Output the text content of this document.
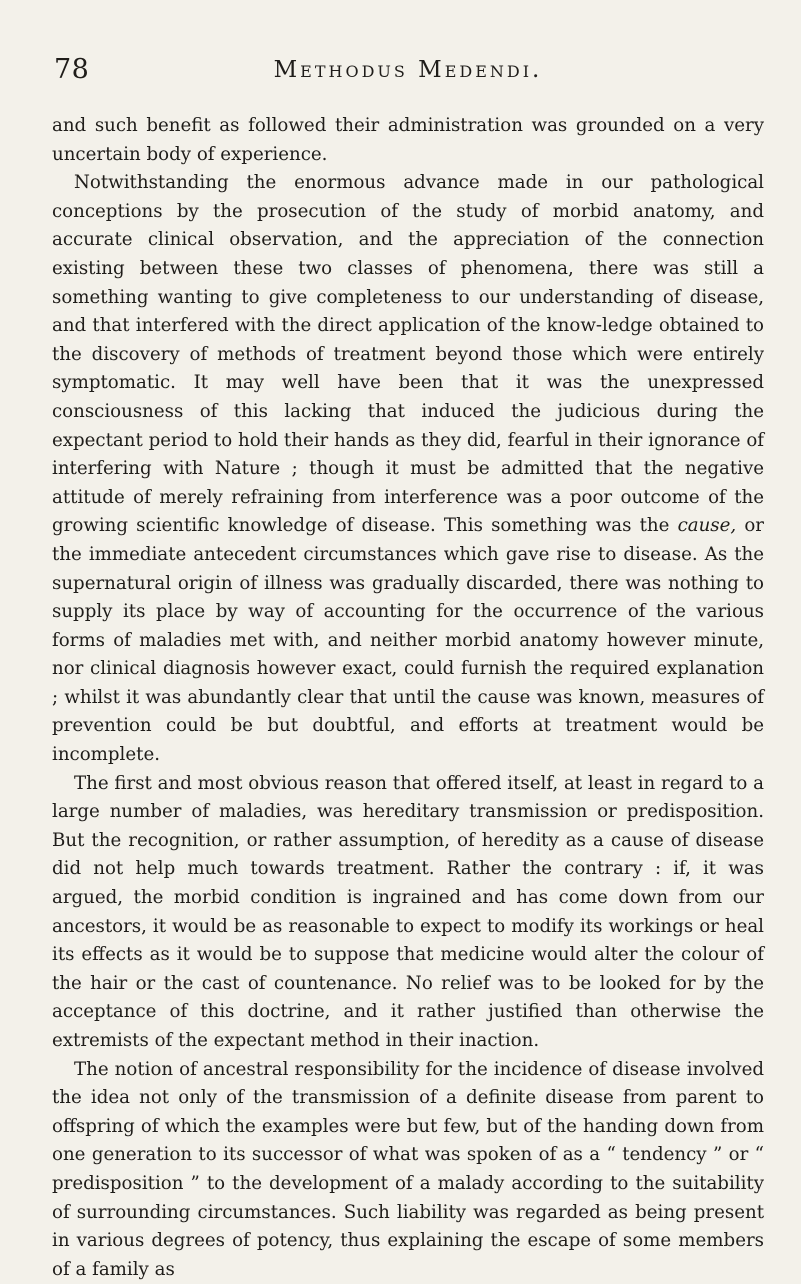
78	Methodus Medendi.

and such benefit as followed their administration was grounded on a very uncertain body of experience.

Notwithstanding the enormous advance made in our pathological conceptions by the prosecution of the study of morbid anatomy, and accurate clinical observation, and the appreciation of the connection existing between these two classes of phenomena, there was still a something wanting to give completeness to our understanding of disease, and that interfered with the direct application of the know-ledge obtained to the discovery of methods of treatment beyond those which were entirely symptomatic. It may well have been that it was the unexpressed consciousness of this lacking that induced the judicious during the expectant period to hold their hands as they did, fearful in their ignorance of interfering with Nature ; though it must be admitted that the negative attitude of merely refraining from interference was a poor outcome of the growing scientific knowledge of disease. This something was the cause, or the immediate antecedent circumstances which gave rise to disease. As the supernatural origin of illness was gradually discarded, there was nothing to supply its place by way of accounting for the occurrence of the various forms of maladies met with, and neither morbid anatomy however minute, nor clinical diagnosis however exact, could furnish the required explanation ; whilst it was abundantly clear that until the cause was known, measures of prevention could be but doubtful, and efforts at treatment would be incomplete.

The first and most obvious reason that offered itself, at least in regard to a large number of maladies, was hereditary transmission or predisposition. But the recognition, or rather assumption, of heredity as a cause of disease did not help much towards treatment. Rather the contrary : if, it was argued, the morbid condition is ingrained and has come down from our ancestors, it would be as reasonable to expect to modify its workings or heal its effects as it would be to suppose that medicine would alter the colour of the hair or the cast of countenance. No relief was to be looked for by the acceptance of this doctrine, and it rather justified than otherwise the extremists of the expectant method in their inaction.

The notion of ancestral responsibility for the incidence of disease involved the idea not only of the transmission of a definite disease from parent to offspring of which the examples were but few, but of the handing down from one generation to its successor of what was spoken of as a “ tendency ” or “ predisposition ” to the development of a malady according to the suitability of surrounding circumstances. Such liability was regarded as being present in various degrees of potency, thus explaining the escape of some members of a family as
